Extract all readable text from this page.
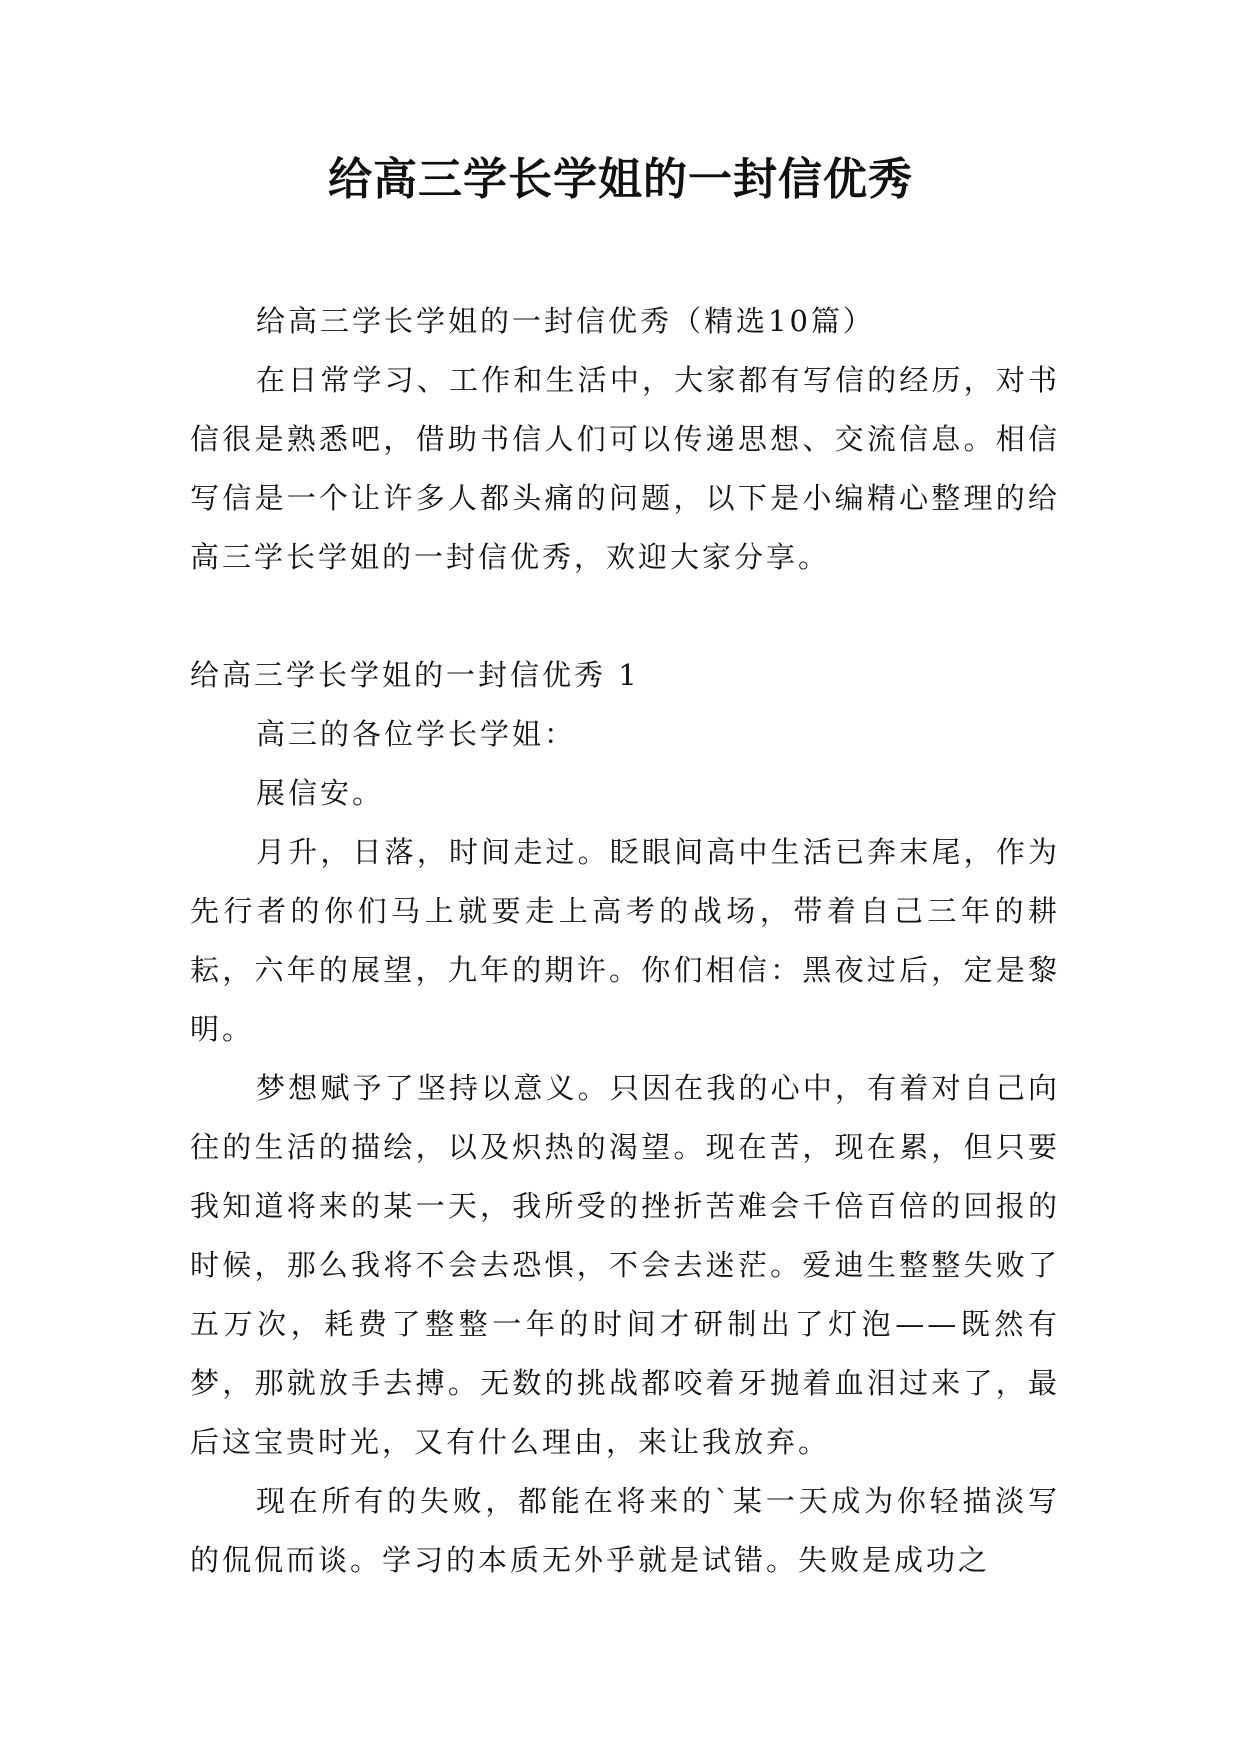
给高三学长学姐的一封信优秀

给高三学长学姐的一封信优秀（精选10篇）

在日常学习、工作和生活中，大家都有写信的经历，对书信很是熟悉吧，借助书信人们可以传递思想、交流信息。相信写信是一个让许多人都头痛的问题，以下是小编精心整理的给高三学长学姐的一封信优秀，欢迎大家分享。

给高三学长学姐的一封信优秀 1

高三的各位学长学姐：

展信安。

月升，日落，时间走过。眨眼间高中生活已奔末尾，作为先行者的你们马上就要走上高考的战场，带着自己三年的耕耘，六年的展望，九年的期许。你们相信：黑夜过后，定是黎明。

梦想赋予了坚持以意义。只因在我的心中，有着对自己向往的生活的描绘，以及炽热的渴望。现在苦，现在累，但只要我知道将来的某一天，我所受的挫折苦难会千倍百倍的回报的时候，那么我将不会去恐惧，不会去迷茫。爱迪生整整失败了五万次，耗费了整整一年的时间才研制出了灯泡——既然有梦，那就放手去搏。无数的挑战都咬着牙抛着血泪过来了，最后这宝贵时光，又有什么理由，来让我放弃。

现在所有的失败，都能在将来的`某一天成为你轻描淡写的侃侃而谈。学习的本质无外乎就是试错。失败是成功之
